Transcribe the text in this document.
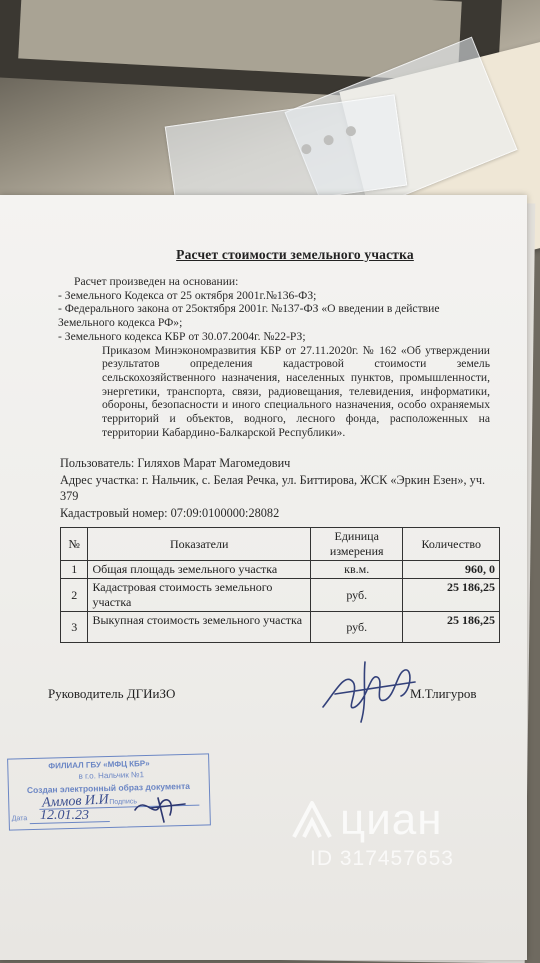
Расчет стоимости земельного участка

Расчет произведен на основании:

- Земельного Кодекса от 25 октября 2001г.№136-ФЗ;

- Федерального закона от 25октября 2001г. №137-ФЗ «О введении в действие Земельного кодекса РФ»;

- Земельного кодекса КБР от 30.07.2004г. №22-РЗ;

Приказом Минэкономразвития КБР от 27.11.2020г. № 162 «Об утверждении результатов определения кадастровой стоимости земель сельскохозяйственного назначения, населенных пунктов, промышленности, энергетики, транспорта, связи, радиовещания, телевидения, информатики, обороны, безопасности и иного специального назначения, особо охраняемых территорий и объектов, водного, лесного фонда, расположенных на территории Кабардино-Балкарской Республики».

Пользователь: Гиляхов Марат Магомедович

Адрес участка: г. Нальчик, с. Белая Речка, ул. Биттирова, ЖСК «Эркин Езен», уч. 379

Кадастровый номер: 07:09:0100000:28082

№	Показатели	Единица измерения	Количество
1	Общая площадь земельного участка	кв.м.	960, 0
2	Кадастровая стоимость земельного участка	руб.	25 186,25
3	Выкупная стоимость земельного участка	руб.	25 186,25
Руководитель ДГИиЗО	М.Тлигуров
ФИЛИАЛ ГБУ «МФЦ КБР»
в г.о. Нальчик №1
Создан электронный образ документа
Подпись
Дата
Аммов И.И
12.01.23	циан
ID 317457653
